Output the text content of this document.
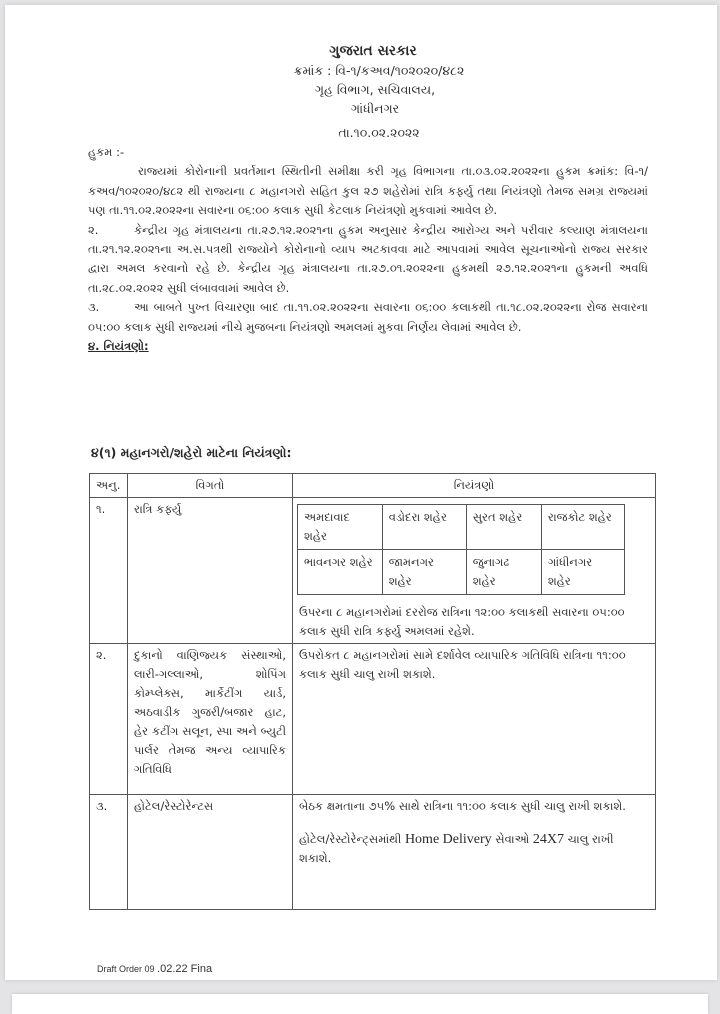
ગુજરાત સરકાર
ક્રમાંક : વિ-૧/કઅવ/૧૦૨૦૨૦/૪૮૨
ગૃહ વિભાગ, સચિવાલય,
ગાંધીનગર
તા.૧૦.૦૨.૨૦૨૨

હુકમ :-

રાજ્યમાં કોરોનાની પ્રવર્તમાન સ્થિતીની સમીક્ષા કરી ગૃહ વિભાગના તા.૦૩.૦૨.૨૦૨૨ના હુકમ ક્રમાંક: વિ-૧/કઅવ/૧૦૨૦૨૦/૪૮૨ થી રાજ્યના ૮ મહાનગરો સહિત કુલ ૨૭ શહેરોમાં રાત્રિ કર્ફ્યુ તથા નિયંત્રણો તેમજ સમગ્ર રાજ્યમાં પણ તા.૧૧.૦૨.૨૦૨૨ના સવારના ૦૬:૦૦ કલાક સુધી કેટલાક નિયંત્રણો મુકવામાં આવેલ છે.

૨.	કેન્દ્રીય ગૃહ મંત્રાલયના તા.૨૭.૧૨.૨૦૨૧ના હુકમ અનુસાર કેન્દ્રીય આરોગ્ય અને પરીવાર કલ્યાણ મંત્રાલયના તા.૨૧.૧૨.૨૦૨૧ના અ.સ.પત્રથી રાજ્યોને કોરોનાનો વ્યાપ અટકાવવા માટે આપવામાં આવેલ સૂચનાઓનો રાજ્ય સરકાર દ્વારા અમલ કરવાનો રહે છે. કેન્દ્રીય ગૃહ મંત્રાલયના તા.૨૭.૦૧.૨૦૨૨ના હુકમથી ૨૭.૧૨.૨૦૨૧ના હુકમની અવધિ તા.૨૮.૦૨.૨૦૨૨ સુધી લંબાવવામાં આવેલ છે.

૩.	આ બાબતે પુખ્ત વિચારણા બાદ તા.૧૧.૦૨.૨૦૨૨ના સવારના ૦૬:૦૦ કલાકથી તા.૧૮.૦૨.૨૦૨૨ના રોજ સવારના ૦૫:૦૦ કલાક સુધી રાજ્યમાં નીચે મુજબના નિયંત્રણો અમલમાં મુકવા નિર્ણય લેવામાં આવેલ છે.

૪. નિયંત્રણો:

૪(૧) મહાનગરો/શહેરો માટેના નિયંત્રણો:
અનુ.	વિગતો	નિયંત્રણો
૧.	રાત્રિ કર્ફ્યુ	
અમદાવાદ શહેર	વડોદરા શહેર	સુરત શહેર	રાજકોટ શહેર
ભાવનગર શહેર	જામનગર શહેર	જુનાગઢ શહેર	ગાંધીનગર શહેર
ઉપરના ૮ મહાનગરોમાં દરરોજ રાત્રિના ૧૨:૦૦ કલાકથી સવારના ૦૫:૦૦ કલાક સુધી રાત્રિ કર્ફ્યુ અમલમાં રહેશે.

૨.	દુકાનો વાણિજ્યક સંસ્થાઓ, લારી-ગલ્લાઓ, શોપિંગ કોમ્પ્લેક્સ, માર્કેટીંગ યાર્ડ, અઠવાડીક ગુજરી/બજાર હાટ, હેર કટીંગ સલૂન, સ્પા અને બ્યુટી પાર્લર તેમજ અન્ય વ્યાપારિક ગતિવિધિ	ઉપરોકત ૮ મહાનગરોમાં સામે દર્શાવેલ વ્યાપારિક ગતિવિધિ રાત્રિના ૧૧:૦૦ કલાક સુધી ચાલુ રાખી શકાશે.
૩.	હોટેલ/રેસ્ટોરેન્ટસ	બેઠક ક્ષમતાના ૭૫% સાથે રાત્રિના ૧૧:૦૦ કલાક સુધી ચાલુ રાખી શકાશે.
હોટેલ/રેસ્ટોરેન્ટ્સમાંથી Home Delivery સેવાઓ 24X7 ચાલુ રાખી શકાશે.
Draft Order 09 .02.22 Fina
